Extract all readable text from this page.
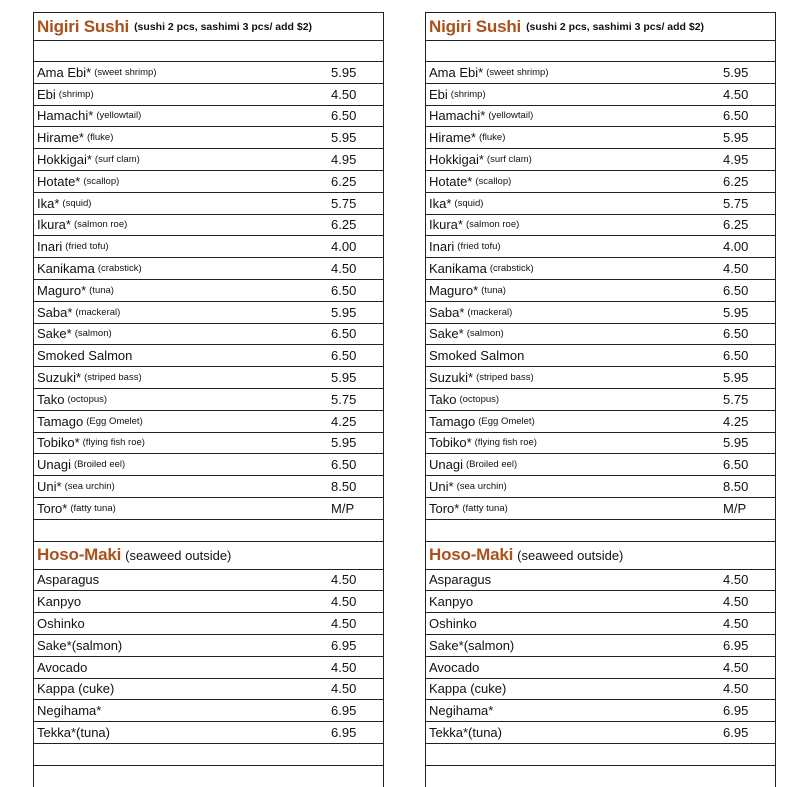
Nigiri Sushi (sushi 2 pcs, sashimi 3 pcs/ add $2)
Ama Ebi* (sweet shrimp)	5.95
Ebi (shrimp)	4.50
Hamachi* (yellowtail)	6.50
Hirame* (fluke)	5.95
Hokkigai* (surf clam)	4.95
Hotate* (scallop)	6.25
Ika* (squid)	5.75
Ikura* (salmon roe)	6.25
Inari (fried tofu)	4.00
Kanikama (crabstick)	4.50
Maguro* (tuna)	6.50
Saba* (mackeral)	5.95
Sake* (salmon)	6.50
Smoked Salmon	6.50
Suzuki* (striped bass)	5.95
Tako (octopus)	5.75
Tamago (Egg Omelet)	4.25
Tobiko* (flying fish roe)	5.95
Unagi (Broiled eel)	6.50
Uni* (sea urchin)	8.50
Toro* (fatty tuna)	M/P
Hoso-Maki (seaweed outside)
Asparagus	4.50
Kanpyo	4.50
Oshinko	4.50
Sake*(salmon)	6.95
Avocado	4.50
Kappa (cuke)	4.50
Negihama*	6.95
Tekka*(tuna)	6.95
Nigiri Sushi (sushi 2 pcs, sashimi 3 pcs/ add $2)
Ama Ebi* (sweet shrimp)	5.95
Ebi (shrimp)	4.50
Hamachi* (yellowtail)	6.50
Hirame* (fluke)	5.95
Hokkigai* (surf clam)	4.95
Hotate* (scallop)	6.25
Ika* (squid)	5.75
Ikura* (salmon roe)	6.25
Inari (fried tofu)	4.00
Kanikama (crabstick)	4.50
Maguro* (tuna)	6.50
Saba* (mackeral)	5.95
Sake* (salmon)	6.50
Smoked Salmon	6.50
Suzuki* (striped bass)	5.95
Tako (octopus)	5.75
Tamago (Egg Omelet)	4.25
Tobiko* (flying fish roe)	5.95
Unagi (Broiled eel)	6.50
Uni* (sea urchin)	8.50
Toro* (fatty tuna)	M/P
Hoso-Maki (seaweed outside)
Asparagus	4.50
Kanpyo	4.50
Oshinko	4.50
Sake*(salmon)	6.95
Avocado	4.50
Kappa (cuke)	4.50
Negihama*	6.95
Tekka*(tuna)	6.95
